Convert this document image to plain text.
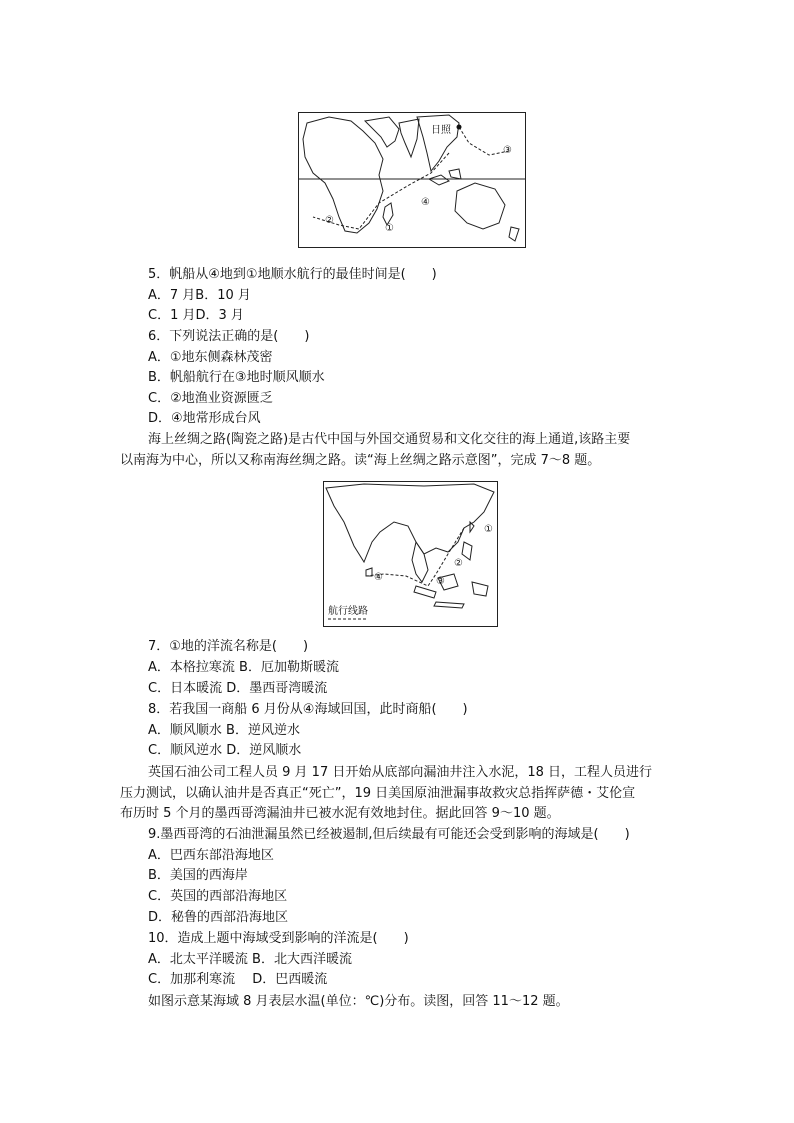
日照
①
②
③
④
5．帆船从④地到①地顺水航行的最佳时间是(　　)
A．7 月B．10 月
C．1 月D．3 月
6．下列说法正确的是(　　)
A．①地东侧森林茂密
B．帆船航行在③地时顺风顺水
C．②地渔业资源匮乏
D．④地常形成台风
海上丝绸之路(陶瓷之路)是古代中国与外国交通贸易和文化交往的海上通道,该路主要
以南海为中心，所以又称南海丝绸之路。读“海上丝绸之路示意图”，完成 7～8 题。
①
②
③
④
航行线路
7．①地的洋流名称是(　　)
A．本格拉寒流 B．厄加勒斯暖流
C．日本暖流 D．墨西哥湾暖流
8．若我国一商船 6 月份从④海域回国，此时商船(　　)
A．顺风顺水 B．逆风逆水
C．顺风逆水 D．逆风顺水
英国石油公司工程人员 9 月 17 日开始从底部向漏油井注入水泥，18 日，工程人员进行
压力测试，以确认油井是否真正“死亡”，19 日美国原油泄漏事故救灾总指挥萨德・艾伦宣
布历时 5 个月的墨西哥湾漏油井已被水泥有效地封住。据此回答 9～10 题。
9.墨西哥湾的石油泄漏虽然已经被遏制,但后续最有可能还会受到影响的海域是(　　)
A．巴西东部沿海地区
B．美国的西海岸
C．英国的西部沿海地区
D．秘鲁的西部沿海地区
10．造成上题中海域受到影响的洋流是(　　)
A．北太平洋暖流 B．北大西洋暖流
C．加那利寒流　 D．巴西暖流
如图示意某海域 8 月表层水温(单位：℃)分布。读图，回答 11～12 题。
